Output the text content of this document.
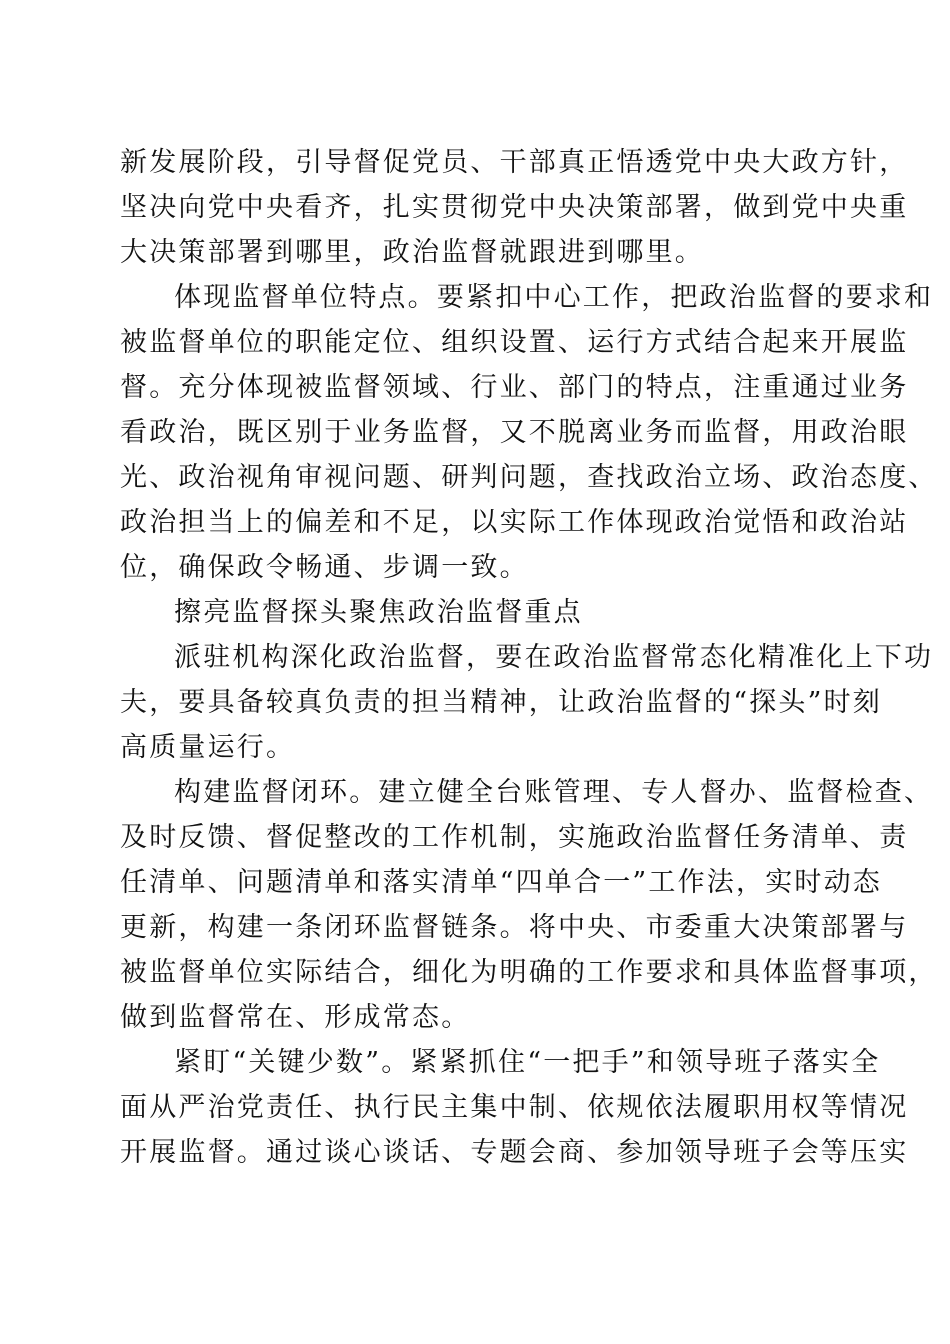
新发展阶段，引导督促党员、干部真正悟透党中央大政方针，
坚决向党中央看齐，扎实贯彻党中央决策部署，做到党中央重
大决策部署到哪里，政治监督就跟进到哪里。

体现监督单位特点。要紧扣中心工作，把政治监督的要求和
被监督单位的职能定位、组织设置、运行方式结合起来开展监
督。充分体现被监督领域、行业、部门的特点，注重通过业务
看政治，既区别于业务监督，又不脱离业务而监督，用政治眼
光、政治视角审视问题、研判问题，查找政治立场、政治态度、
政治担当上的偏差和不足，以实际工作体现政治觉悟和政治站
位，确保政令畅通、步调一致。

擦亮监督探头聚焦政治监督重点

派驻机构深化政治监督，要在政治监督常态化精准化上下功
夫，要具备较真负责的担当精神，让政治监督的“探头”时刻
高质量运行。

构建监督闭环。建立健全台账管理、专人督办、监督检查、
及时反馈、督促整改的工作机制，实施政治监督任务清单、责
任清单、问题清单和落实清单“四单合一”工作法，实时动态
更新，构建一条闭环监督链条。将中央、市委重大决策部署与
被监督单位实际结合，细化为明确的工作要求和具体监督事项，
做到监督常在、形成常态。

紧盯“关键少数”。紧紧抓住“一把手”和领导班子落实全
面从严治党责任、执行民主集中制、依规依法履职用权等情况
开展监督。通过谈心谈话、专题会商、参加领导班子会等压实
